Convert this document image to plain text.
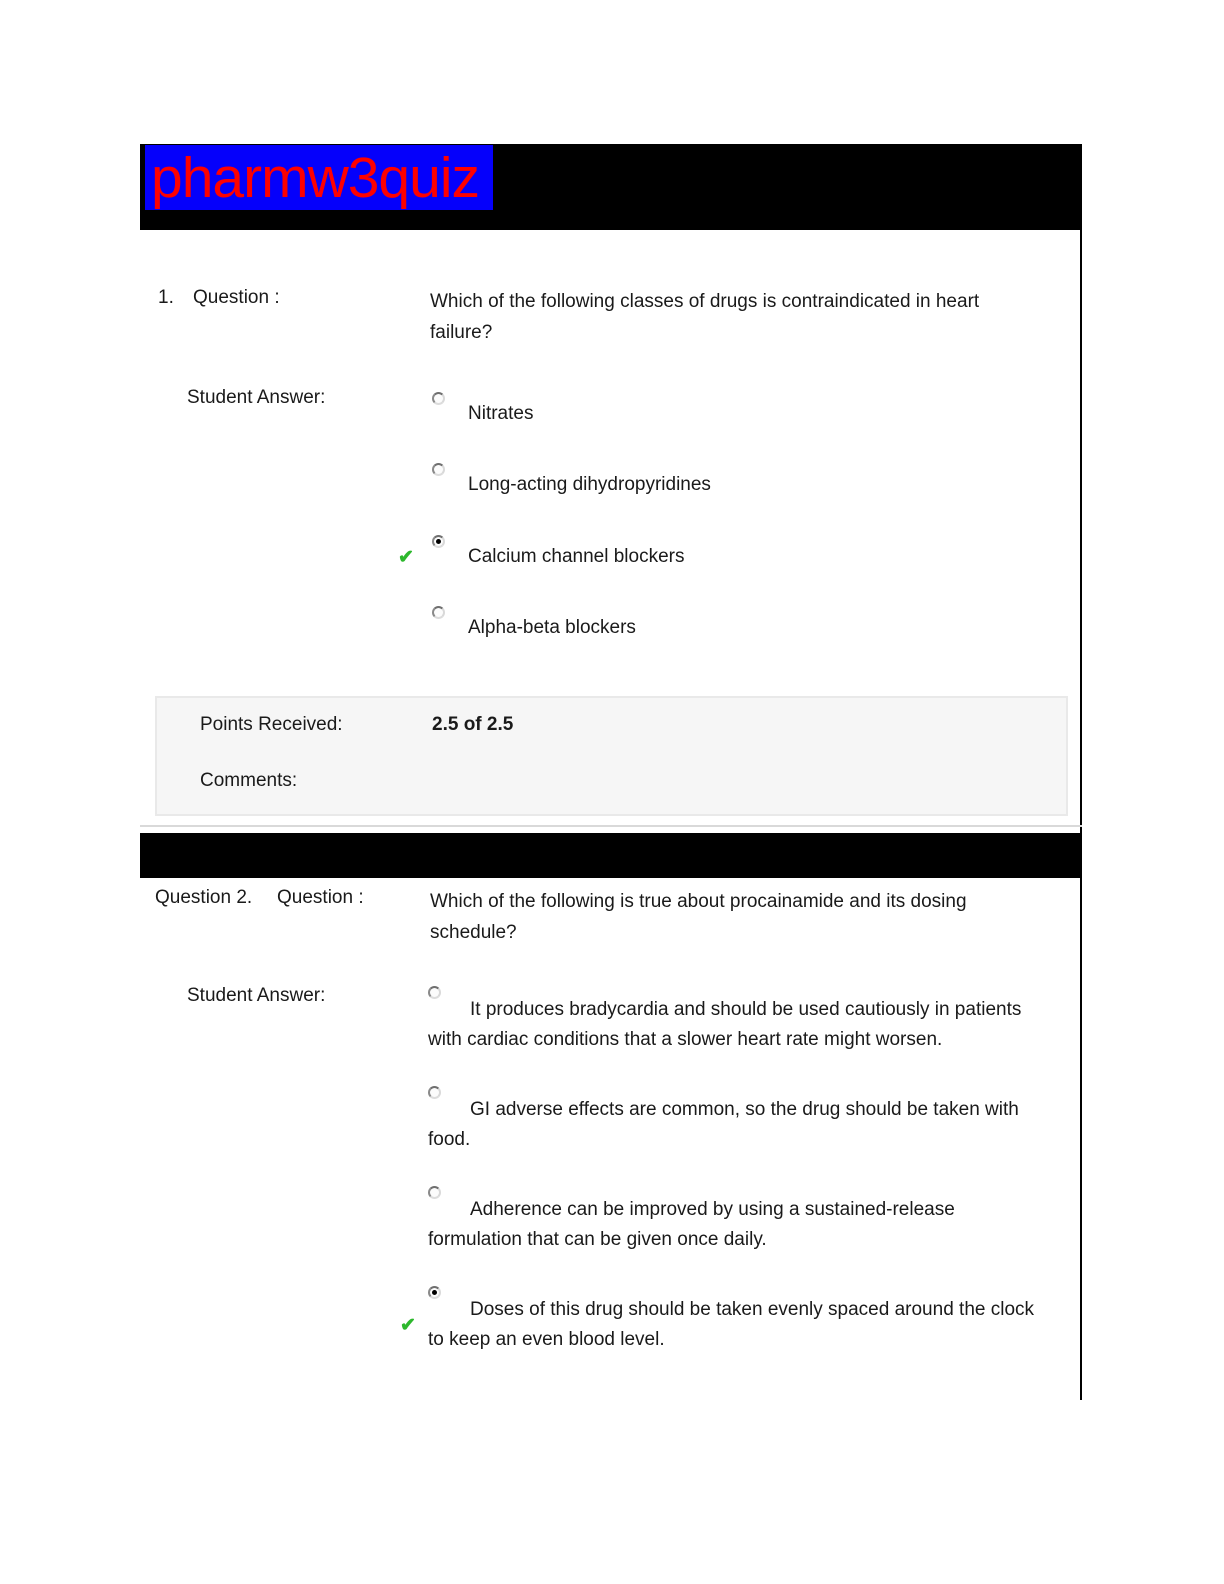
pharmw3quiz
1. Question :	Which of the following classes of drugs is contraindicated in heart
failure?
Student Answer:
Nitrates
Long-acting dihydropyridines
✔	Calcium channel blockers
Alpha-beta blockers
Points Received:	2.5 of 2.5
Comments:
Question 2. Question :	Which of the following is true about procainamide and its dosing
schedule?
Student Answer:
It produces bradycardia and should be used cautiously in patients
with cardiac conditions that a slower heart rate might worsen.
GI adverse effects are common, so the drug should be taken with
food.
Adherence can be improved by using a sustained-release
formulation that can be given once daily.
✔
Doses of this drug should be taken evenly spaced around the clock
to keep an even blood level.
